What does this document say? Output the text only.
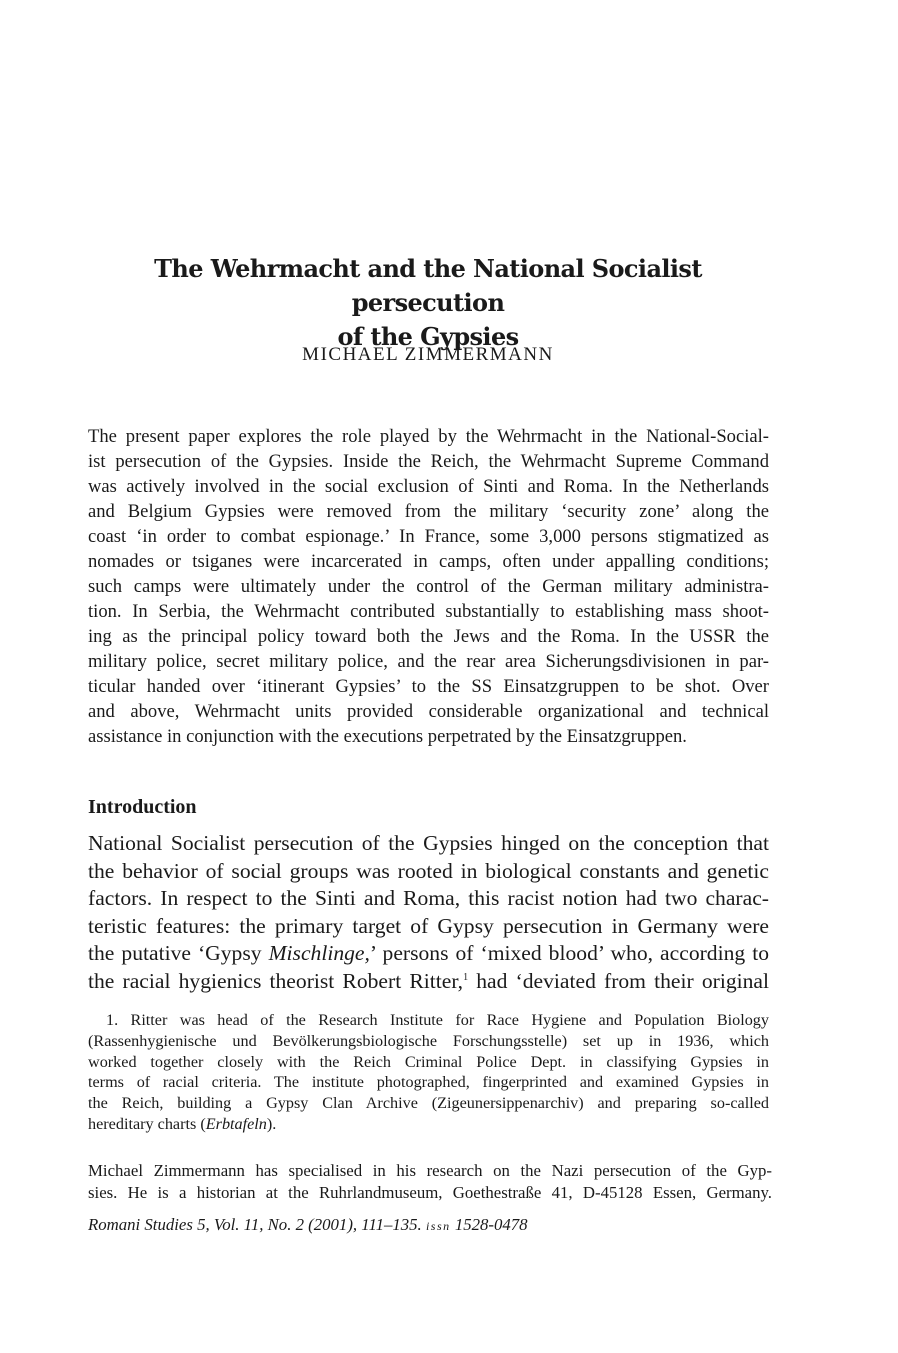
The Wehrmacht and the National Socialist persecution
of the Gypsies
MICHAEL ZIMMERMANN
The present paper explores the role played by the Wehrmacht in the National-Social-
ist persecution of the Gypsies. Inside the Reich, the Wehrmacht Supreme Command
was actively involved in the social exclusion of Sinti and Roma. In the Netherlands
and Belgium Gypsies were removed from the military ‘security zone’ along the
coast ‘in order to combat espionage.’ In France, some 3,000 persons stigmatized as
nomades or tsiganes were incarcerated in camps, often under appalling conditions;
such camps were ultimately under the control of the German military administra-
tion. In Serbia, the Wehrmacht contributed substantially to establishing mass shoot-
ing as the principal policy toward both the Jews and the Roma. In the USSR the
military police, secret military police, and the rear area Sicherungsdivisionen in par-
ticular handed over ‘itinerant Gypsies’ to the SS Einsatzgruppen to be shot. Over
and above, Wehrmacht units provided considerable organizational and technical
assistance in conjunction with the executions perpetrated by the Einsatzgruppen.
Introduction
National Socialist persecution of the Gypsies hinged on the conception that
the behavior of social groups was rooted in biological constants and genetic
factors. In respect to the Sinti and Roma, this racist notion had two charac-
teristic features: the primary target of Gypsy persecution in Germany were
the putative ‘Gypsy Mischlinge,’ persons of ‘mixed blood’ who, according to
the racial hygienics theorist Robert Ritter,$^1$ had ‘deviated from their original
1. Ritter was head of the Research Institute for Race Hygiene and Population Biology
(Rassenhygienische und Bevölkerungsbiologische Forschungsstelle) set up in 1936, which
worked together closely with the Reich Criminal Police Dept. in classifying Gypsies in
terms of racial criteria. The institute photographed, fingerprinted and examined Gypsies in
the Reich, building a Gypsy Clan Archive (Zigeunersippenarchiv) and preparing so-called
hereditary charts (Erbtafeln).
Michael Zimmermann has specialised in his research on the Nazi persecution of the Gyp-
sies. He is a historian at the Ruhrlandmuseum, Goethestraße 41, D-45128 Essen, Germany.
Romani Studies 5, Vol. 11, No. 2 (2001), 111–135. issn 1528-0478
